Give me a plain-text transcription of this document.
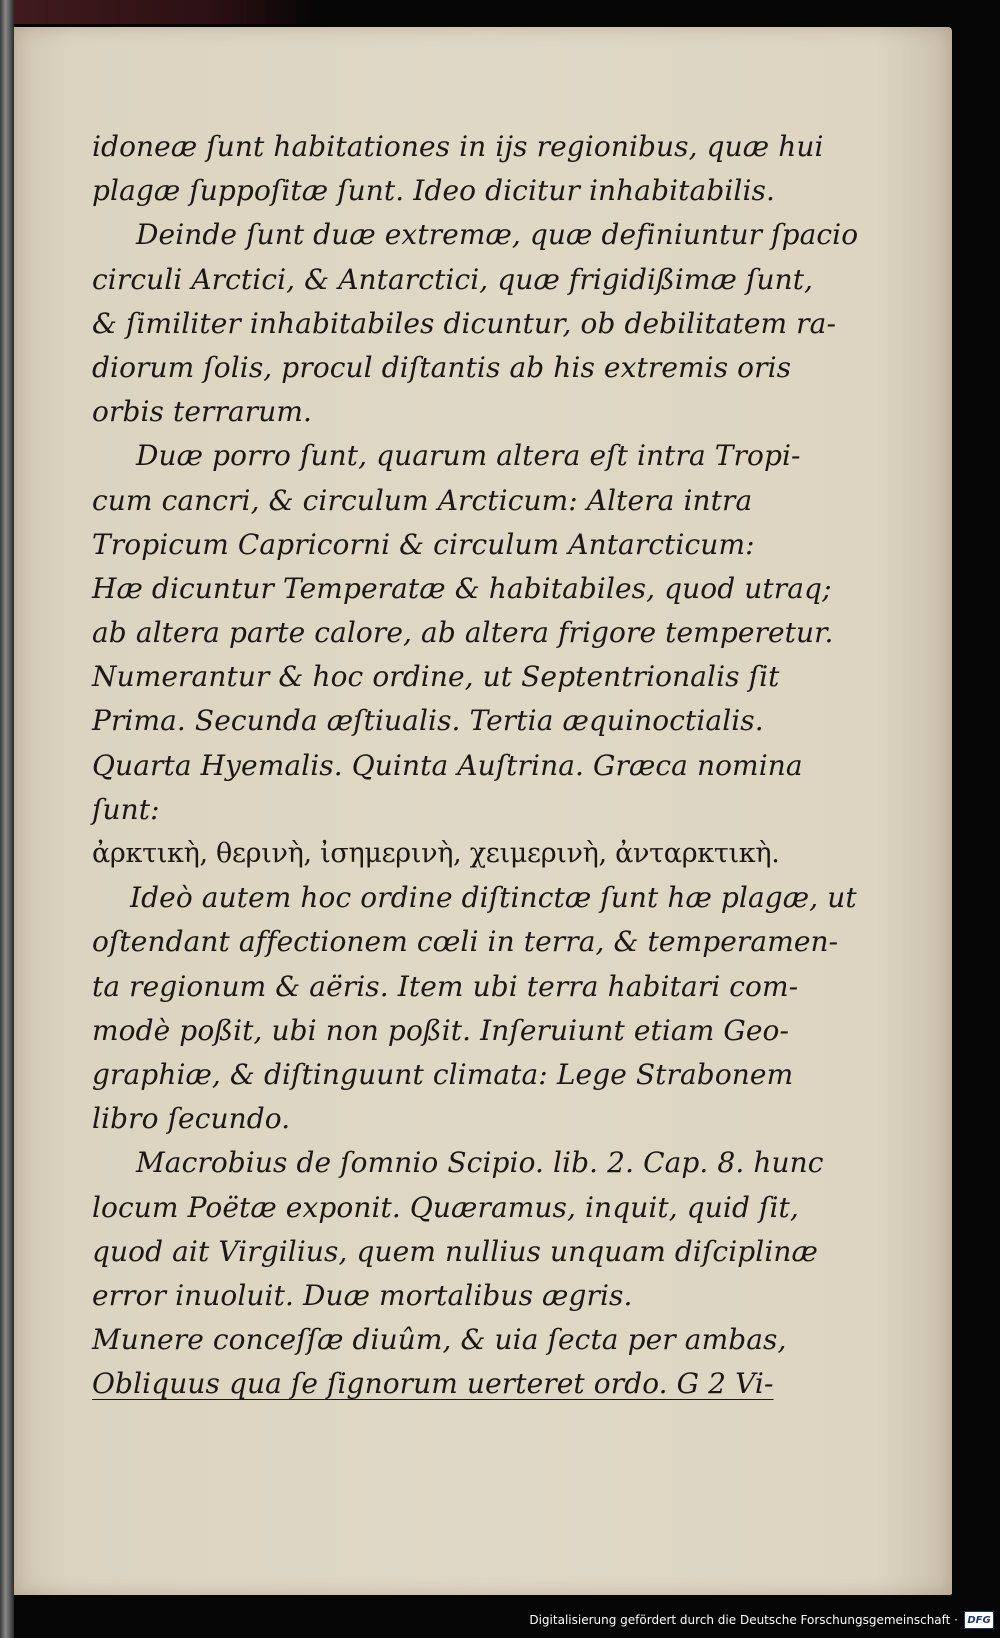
idoneæ ſunt habitationes in ijs regionibus, quæ hui
plagæ ſuppoſitæ ſunt. Ideo dicitur inhabitabilis.
Deinde ſunt duæ extremæ, quæ definiuntur ſpacio
circuli Arctici, & Antarctici, quæ frigidißimæ ſunt,
& ſimiliter inhabitabiles dicuntur, ob debilitatem ra-
diorum ſolis, procul diſtantis ab his extremis oris
orbis terrarum.
Duæ porro ſunt, quarum altera eſt intra Tropi-
cum cancri, & circulum Arcticum: Altera intra
Tropicum Capricorni & circulum Antarcticum:
Hæ dicuntur Temperatæ & habitabiles, quod utraq;
ab altera parte calore, ab altera frigore temperetur.
Numerantur & hoc ordine, ut Septentrionalis ſit
Prima. Secunda æſtiualis. Tertia æquinoctialis.
Quarta Hyemalis. Quinta Auſtrina. Græca nomina
ſunt:
ἀρκτικὴ, θερινὴ, ἰσημερινὴ, χειμερινὴ, ἀνταρκτικὴ.
Ideò autem hoc ordine diſtinctæ ſunt hæ plagæ, ut
oſtendant affectionem cœli in terra, & temperamen-
ta regionum & aëris. Item ubi terra habitari com-
modè poßit, ubi non poßit. Inſeruiunt etiam Geo-
graphiæ, & diſtinguunt climata: Lege Strabonem
libro ſecundo.
Macrobius de ſomnio Scipio. lib. 2. Cap. 8. hunc
locum Poëtæ exponit. Quæramus, inquit, quid ſit,
quod ait Virgilius, quem nullius unquam diſciplinæ
error inuoluit. Duæ mortalibus ægris.
Munere conceſſæ diuûm, & uia ſecta per ambas,
Obliquus qua ſe ſignorum uerteret ordo. G 2 Vi-
Digitalisierung gefördert durch die Deutsche Forschungsgemeinschaft · DFG
